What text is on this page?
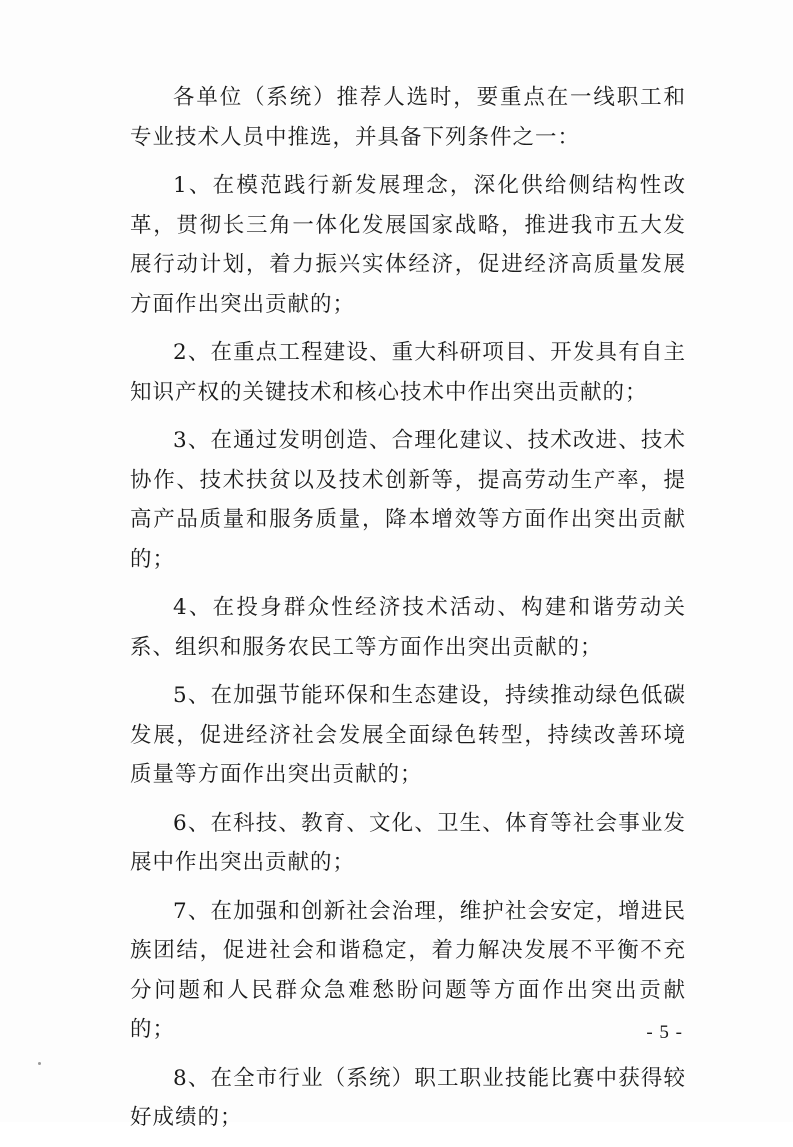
各单位（系统）推荐人选时，要重点在一线职工和专业技术人员中推选，并具备下列条件之一：

1、在模范践行新发展理念，深化供给侧结构性改革，贯彻长三角一体化发展国家战略，推进我市五大发展行动计划，着力振兴实体经济，促进经济高质量发展方面作出突出贡献的；

2、在重点工程建设、重大科研项目、开发具有自主知识产权的关键技术和核心技术中作出突出贡献的；

3、在通过发明创造、合理化建议、技术改进、技术协作、技术扶贫以及技术创新等，提高劳动生产率，提高产品质量和服务质量，降本增效等方面作出突出贡献的；

4、在投身群众性经济技术活动、构建和谐劳动关系、组织和服务农民工等方面作出突出贡献的；

5、在加强节能环保和生态建设，持续推动绿色低碳发展，促进经济社会发展全面绿色转型，持续改善环境质量等方面作出突出贡献的；

6、在科技、教育、文化、卫生、体育等社会事业发展中作出突出贡献的；

7、在加强和创新社会治理，维护社会安定，增进民族团结，促进社会和谐稳定，着力解决发展不平衡不充分问题和人民群众急难愁盼问题等方面作出突出贡献的；

8、在全市行业（系统）职工职业技能比赛中获得较好成绩的；

- 5 -
